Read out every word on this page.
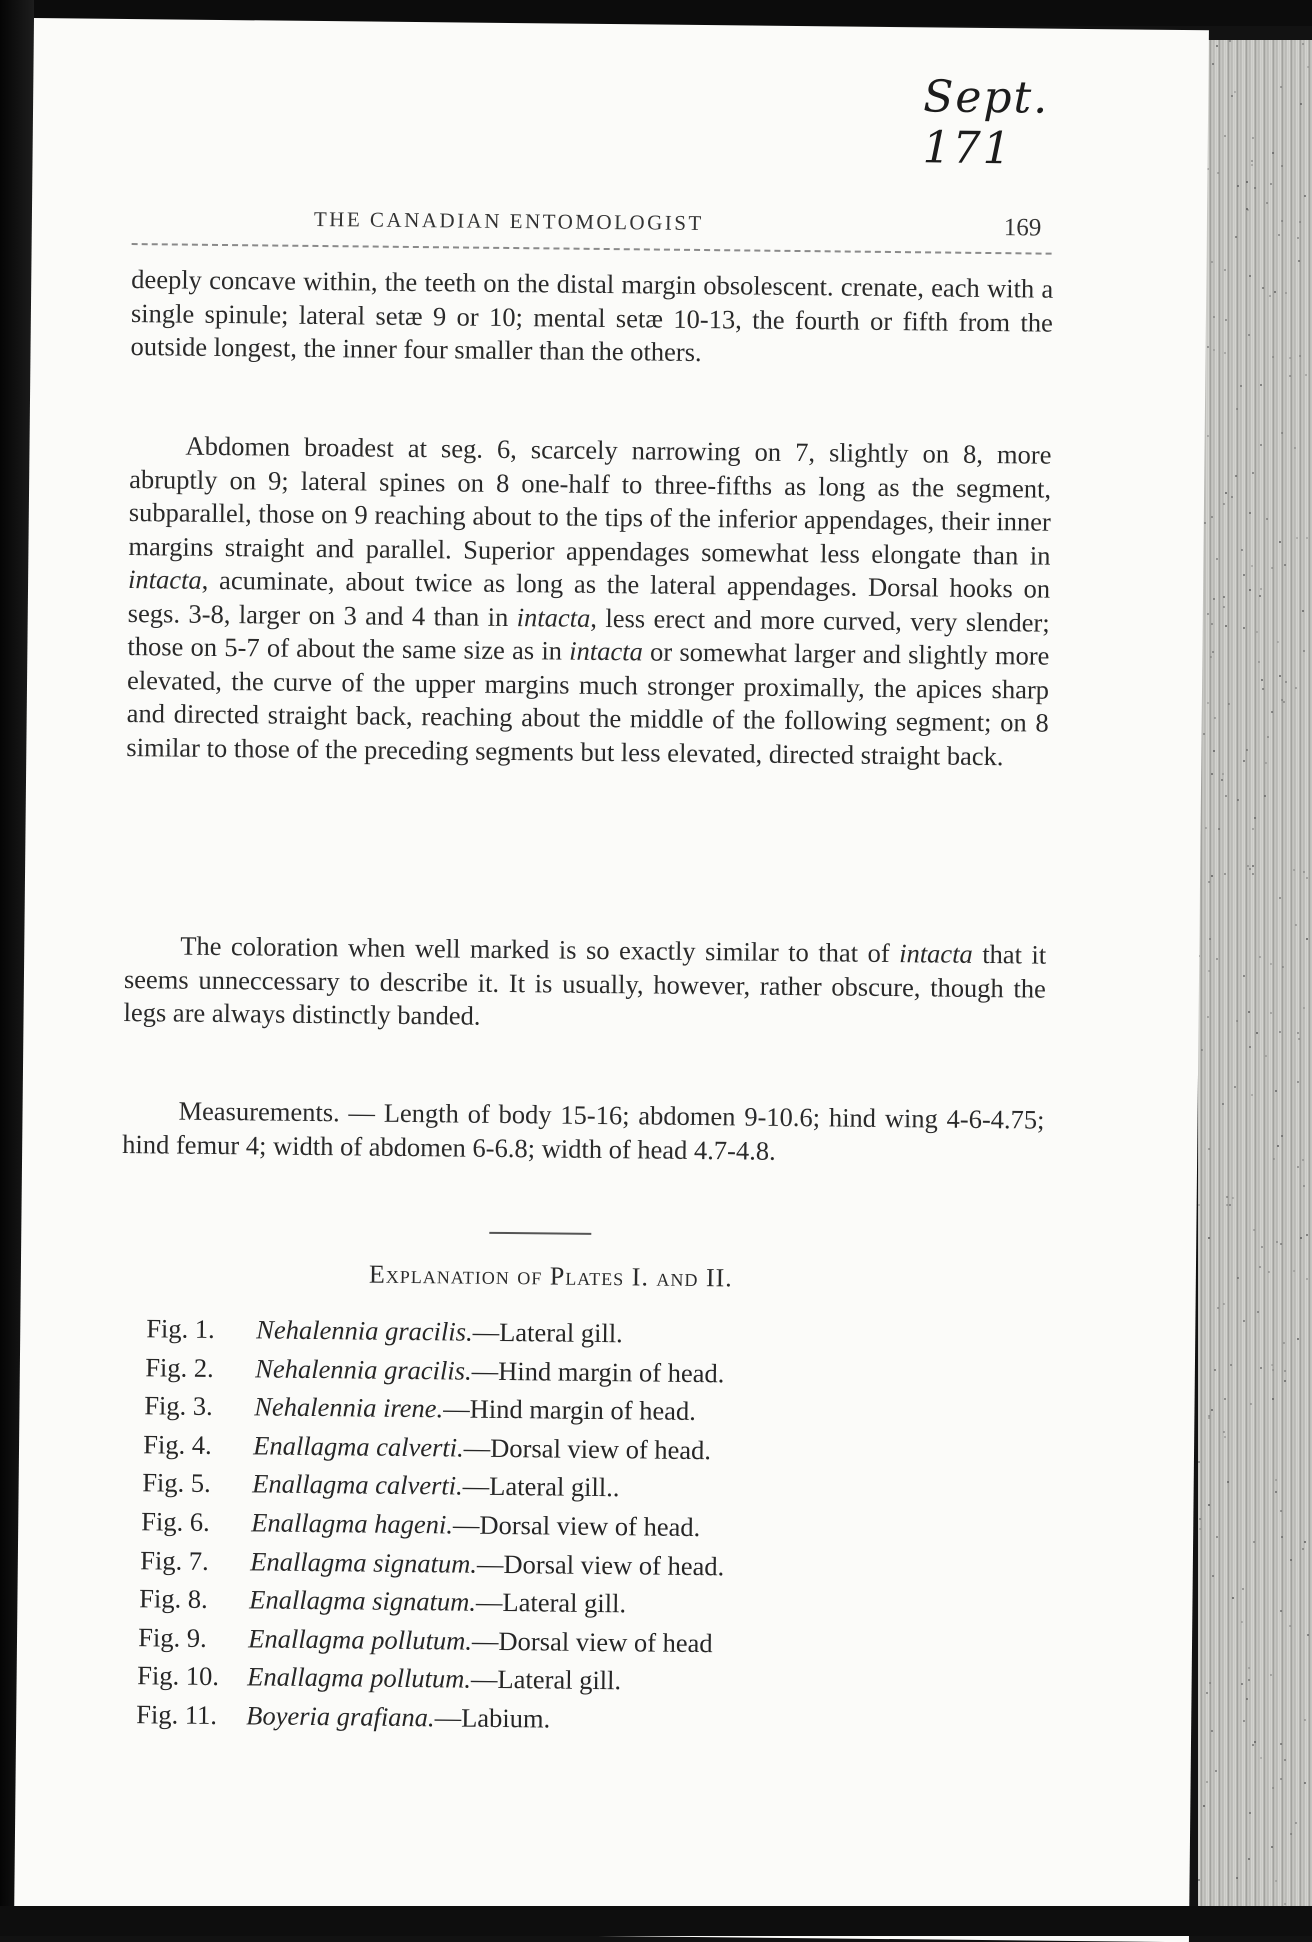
Sept. 171
THE CANADIAN ENTOMOLOGIST	169

deeply concave within, the teeth on the distal margin obsolescent. crenate, each with a single spinule; lateral setæ 9 or 10; mental setæ 10-13, the fourth or fifth from the outside longest, the inner four smaller than the others.

Abdomen broadest at seg. 6, scarcely narrowing on 7, slightly on 8, more abruptly on 9; lateral spines on 8 one-half to three-fifths as long as the segment, subparallel, those on 9 reaching about to the tips of the inferior appendages, their inner margins straight and parallel. Superior appendages somewhat less elongate than in intacta, acuminate, about twice as long as the lateral appendages. Dorsal hooks on segs. 3-8, larger on 3 and 4 than in intacta, less erect and more curved, very slender; those on 5-7 of about the same size as in intacta or somewhat larger and slightly more elevated, the curve of the upper margins much stronger proximally, the apices sharp and directed straight back, reaching about the middle of the following segment; on 8 similar to those of the preceding segments but less elevated, directed straight back.

The coloration when well marked is so exactly similar to that of intacta that it seems unneccessary to describe it. It is usually, however, rather obscure, though the legs are always distinctly banded.

Measurements. — Length of body 15-16; abdomen 9-10.6; hind wing 4-6-4.75; hind femur 4; width of abdomen 6-6.8; width of head 4.7-4.8.

Explanation of Plates I. and II.
Fig. 1. Nehalennia gracilis.—Lateral gill.
Fig. 2. Nehalennia gracilis.—Hind margin of head.
Fig. 3. Nehalennia irene.—Hind margin of head.
Fig. 4. Enallagma calverti.—Dorsal view of head.
Fig. 5. Enallagma calverti.—Lateral gill..
Fig. 6. Enallagma hageni.—Dorsal view of head.
Fig. 7. Enallagma signatum.—Dorsal view of head.
Fig. 8. Enallagma signatum.—Lateral gill.
Fig. 9. Enallagma pollutum.—Dorsal view of head
Fig. 10. Enallagma pollutum.—Lateral gill.
Fig. 11. Boyeria grafiana.—Labium.
